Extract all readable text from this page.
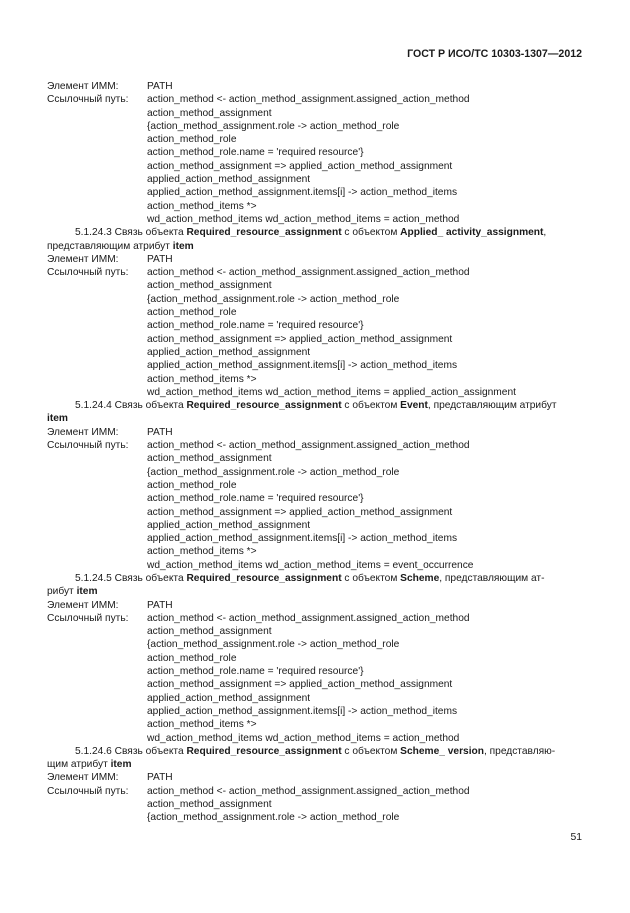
ГОСТ Р ИСО/ТС 10303-1307—2012
Элемент ИММ:	PATH
Ссылочный путь:	action_method <- action_method_assignment.assigned_action_method
action_method_assignment
{action_method_assignment.role -> action_method_role
action_method_role
action_method_role.name = 'required resource'}
action_method_assignment => applied_action_method_assignment
applied_action_method_assignment
applied_action_method_assignment.items[i] -> action_method_items
action_method_items *>
wd_action_method_items wd_action_method_items = action_method
5.1.24.3 Связь объекта Required_resource_assignment с объектом Applied_ activity_assignment,
представляющим атрибут item
Элемент ИММ:	PATH
Ссылочный путь:	action_method <- action_method_assignment.assigned_action_method
action_method_assignment
{action_method_assignment.role -> action_method_role
action_method_role
action_method_role.name = 'required resource'}
action_method_assignment => applied_action_method_assignment
applied_action_method_assignment
applied_action_method_assignment.items[i] -> action_method_items
action_method_items *>
wd_action_method_items wd_action_method_items = applied_action_assignment
5.1.24.4 Связь объекта Required_resource_assignment с объектом Event, представляющим атрибут
item
Элемент ИММ:	PATH
Ссылочный путь:	action_method <- action_method_assignment.assigned_action_method
action_method_assignment
{action_method_assignment.role -> action_method_role
action_method_role
action_method_role.name = 'required resource'}
action_method_assignment => applied_action_method_assignment
applied_action_method_assignment
applied_action_method_assignment.items[i] -> action_method_items
action_method_items *>
wd_action_method_items wd_action_method_items = event_occurrence
5.1.24.5 Связь объекта Required_resource_assignment с объектом Scheme, представляющим ат-
рибут item
Элемент ИММ:	PATH
Ссылочный путь:	action_method <- action_method_assignment.assigned_action_method
action_method_assignment
{action_method_assignment.role -> action_method_role
action_method_role
action_method_role.name = 'required resource'}
action_method_assignment => applied_action_method_assignment
applied_action_method_assignment
applied_action_method_assignment.items[i] -> action_method_items
action_method_items *>
wd_action_method_items wd_action_method_items = action_method
5.1.24.6 Связь объекта Required_resource_assignment с объектом Scheme_ version, представляю-
щим атрибут item
Элемент ИММ:	PATH
Ссылочный путь:	action_method <- action_method_assignment.assigned_action_method
action_method_assignment
{action_method_assignment.role -> action_method_role
51
